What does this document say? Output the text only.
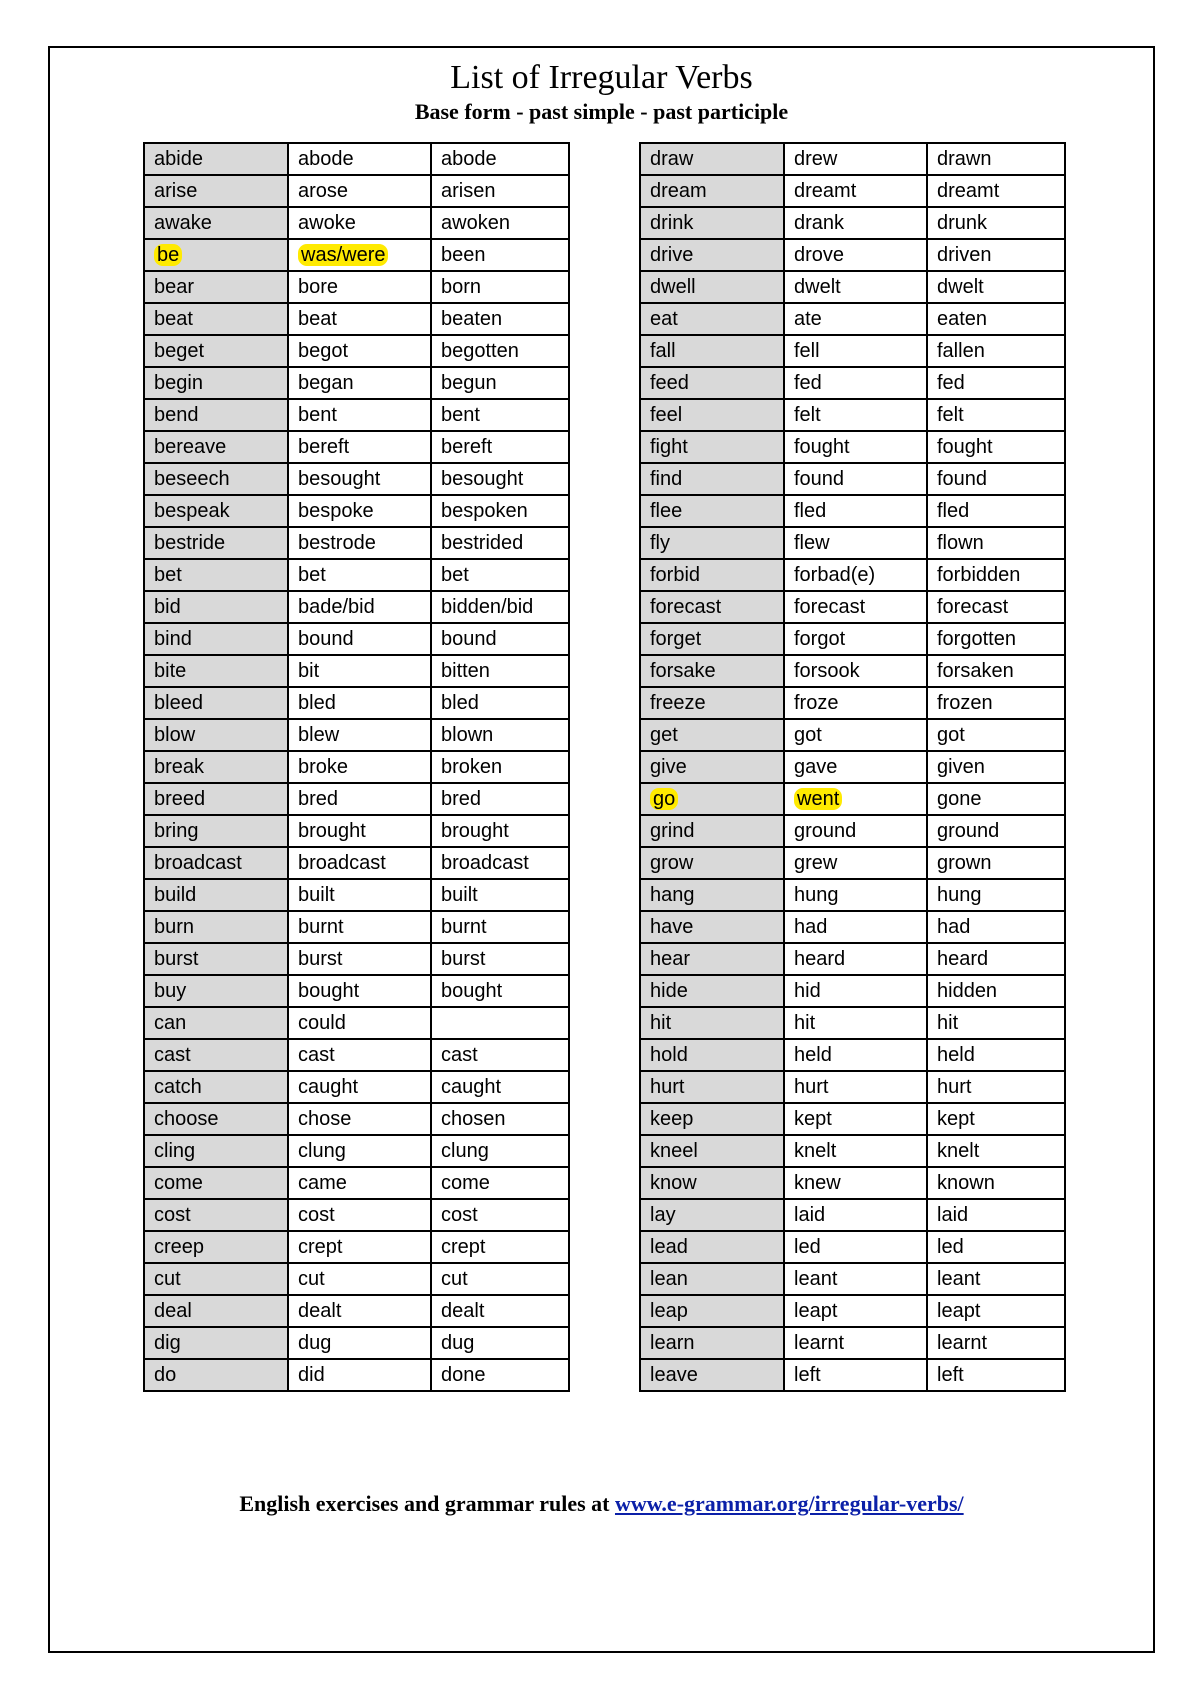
List of Irregular Verbs
Base form - past simple - past participle
abide	abode	abode
arise	arose	arisen
awake	awoke	awoken
be	was/were	been
bear	bore	born
beat	beat	beaten
beget	begot	begotten
begin	began	begun
bend	bent	bent
bereave	bereft	bereft
beseech	besought	besought
bespeak	bespoke	bespoken
bestride	bestrode	bestrided
bet	bet	bet
bid	bade/bid	bidden/bid
bind	bound	bound
bite	bit	bitten
bleed	bled	bled
blow	blew	blown
break	broke	broken
breed	bred	bred
bring	brought	brought
broadcast	broadcast	broadcast
build	built	built
burn	burnt	burnt
burst	burst	burst
buy	bought	bought
can	could	
cast	cast	cast
catch	caught	caught
choose	chose	chosen
cling	clung	clung
come	came	come
cost	cost	cost
creep	crept	crept
cut	cut	cut
deal	dealt	dealt
dig	dug	dug
do	did	done
draw	drew	drawn
dream	dreamt	dreamt
drink	drank	drunk
drive	drove	driven
dwell	dwelt	dwelt
eat	ate	eaten
fall	fell	fallen
feed	fed	fed
feel	felt	felt
fight	fought	fought
find	found	found
flee	fled	fled
fly	flew	flown
forbid	forbad(e)	forbidden
forecast	forecast	forecast
forget	forgot	forgotten
forsake	forsook	forsaken
freeze	froze	frozen
get	got	got
give	gave	given
go	went	gone
grind	ground	ground
grow	grew	grown
hang	hung	hung
have	had	had
hear	heard	heard
hide	hid	hidden
hit	hit	hit
hold	held	held
hurt	hurt	hurt
keep	kept	kept
kneel	knelt	knelt
know	knew	known
lay	laid	laid
lead	led	led
lean	leant	leant
leap	leapt	leapt
learn	learnt	learnt
leave	left	left
English exercises and grammar rules at www.e-grammar.org/irregular-verbs/
